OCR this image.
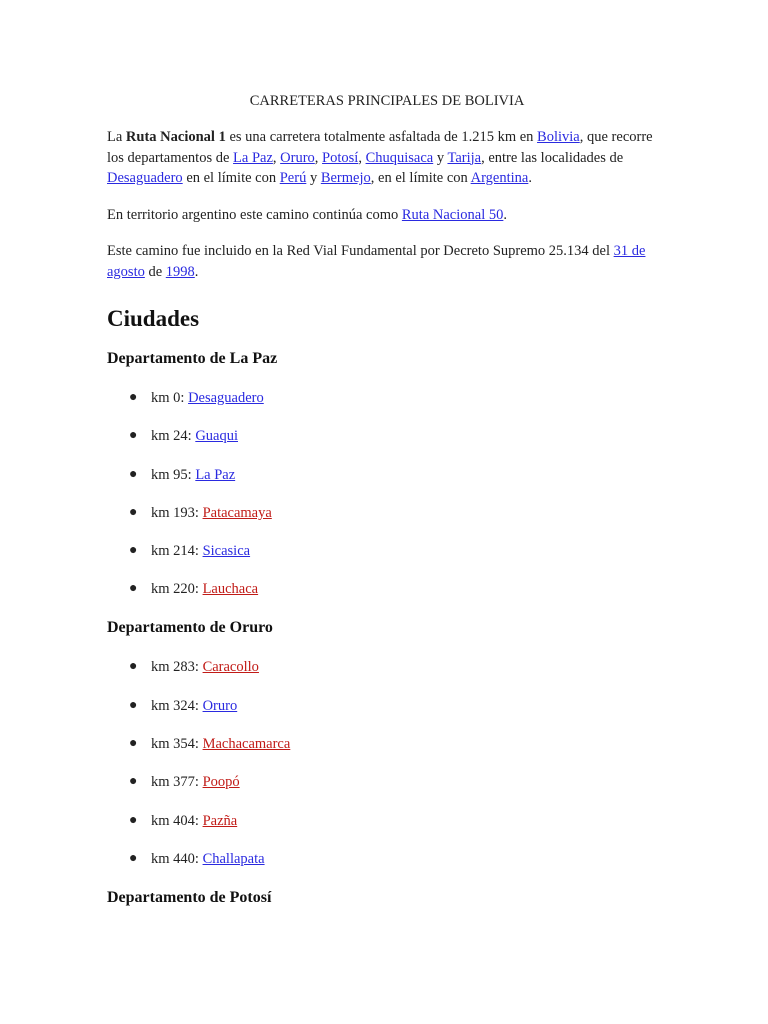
CARRETERAS PRINCIPALES DE BOLIVIA

La Ruta Nacional 1 es una carretera totalmente asfaltada de 1.215 km en Bolivia, que recorre los departamentos de La Paz, Oruro, Potosí, Chuquisaca y Tarija, entre las localidades de Desaguadero en el límite con Perú y Bermejo, en el límite con Argentina.

En territorio argentino este camino continúa como Ruta Nacional 50.

Este camino fue incluido en la Red Vial Fundamental por Decreto Supremo 25.134 del 31 de agosto de 1998.

Ciudades
Departamento de La Paz
● km 0: Desaguadero
● km 24: Guaqui
● km 95: La Paz
● km 193: Patacamaya
● km 214: Sicasica
● km 220: Lauchaca
Departamento de Oruro
● km 283: Caracollo
● km 324: Oruro
● km 354: Machacamarca
● km 377: Poopó
● km 404: Pazña
● km 440: Challapata
Departamento de Potosí
